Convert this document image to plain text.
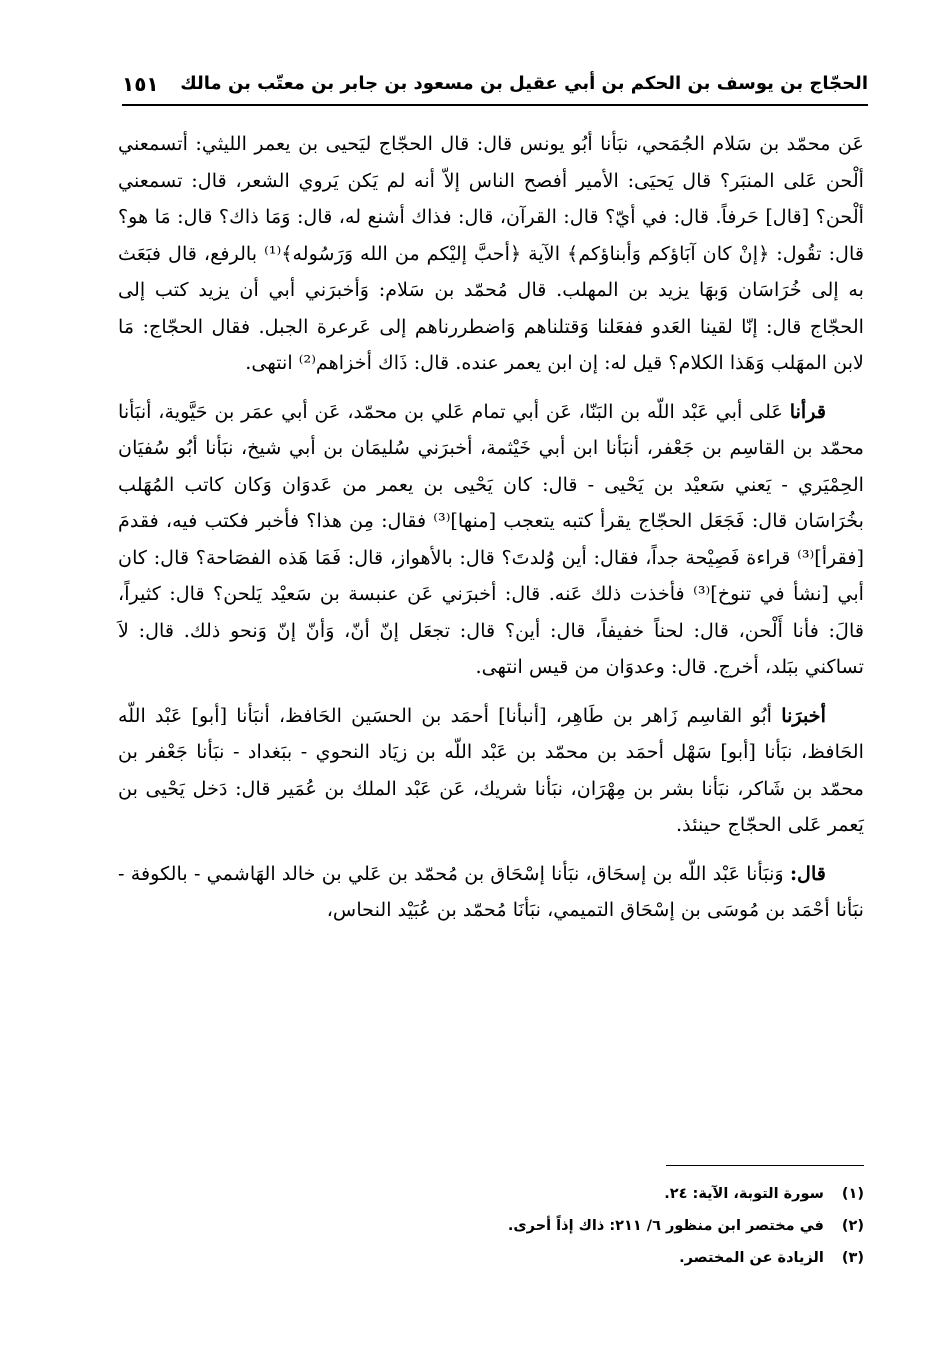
الحجّاج بن يوسف بن الحكم بن أبي عقيل بن مسعود بن جابر بن معتّب بن مالك
١٥١

عَن محمّد بن سَلام الجُمَحي، نبَأنا أبُو يونس قال: قال الحجّاج ليَحيى بن يعمر الليثي: أتسمعني ألْحن عَلى المنبَر؟ قال يَحيَى: الأمير أفصح الناس إلاّ أنه لم يَكن يَروي الشعر، قال: تسمعني ألْحن؟ [قال] حَرفاً. قال: في أيّ؟ قال: القرآن، قال: فذاك أشنع له، قال: وَمَا ذاك؟ قال: مَا هو؟ قال: تقُول: ﴿إنْ كان آبَاؤكم وَأبناؤكم﴾ الآية ﴿أحبَّ إليْكم من الله وَرَسُوله﴾⁽¹⁾ بالرفع، قال فبَعَث به إلى خُرَاسَان وَبهَا يزيد بن المهلب. قال مُحمّد بن سَلام: وَأخبرَني أبي أن يزيد كتب إلى الحجّاج قال: إنّا لقينا العَدو ففعَلنا وَقتلناهم وَاضطررناهم إلى عَرعرة الجبل. فقال الحجّاج: مَا لابن المهَلب وَهَذا الكلام؟ قيل له: إن ابن يعمر عنده. قال: ذَاك أخزاهم⁽²⁾ انتهى.

قرأنا عَلى أبي عَبْد اللّه بن البَنّا، عَن أبي تمام عَلي بن محمّد، عَن أبي عمَر بن حَيَّوية، أنبَأنا محمّد بن القاسِم بن جَعْفر، أنبَأنا ابن أبي خَيْثمة، أخبرَني سُليمَان بن أبي شيخ، نبَأنا أبُو سُفيَان الحِمْيَري - يَعني سَعيْد بن يَحْيى - قال: كان يَحْيى بن يعمر من عَدوَان وَكان كاتب المُهَلب بخُرَاسَان قال: فَجَعَل الحجّاج يقرأ كتبه يتعجب [منها]⁽³⁾ فقال: مِن هذا؟ فأخبر فكتب فيه، فقدمَ [فقرأ]⁽³⁾ قراءة فَصِيْحة جداً، فقال: أين وُلدتَ؟ قال: بالأهواز، قال: فَمَا هَذه الفصَاحة؟ قال: كان أبي [نشأ في تنوخ]⁽³⁾ فأخذت ذلك عَنه. قال: أخبرَني عَن عنبسة بن سَعيْد يَلحن؟ قال: كثيراً، قالَ: فأنا أَلْحن، قال: لحناً خفيفاً، قال: أين؟ قال: تجعَل إنّ أنّ، وَأنّ إنّ وَنحو ذلك. قال: لاَ تساكني ببَلد، أخرج. قال: وعدوَان من قيس انتهى.

أخبرَنا أبُو القاسِم زَاهر بن طَاهِر، [أنبأنا] أحمَد بن الحسَين الحَافظ، أنبَأنا [أبو] عَبْد اللّه الحَافظ، نبَأنا [أبو] سَهْل أحمَد بن محمّد بن عَبْد اللّه بن زيَاد النحوي - ببَغداد - نبَأنا جَعْفر بن محمّد بن شَاكر، نبَأنا بشر بن مِهْرَان، نبَأنا شريك، عَن عَبْد الملك بن عُمَير قال: دَخل يَحْيى بن يَعمر عَلى الحجّاج حينئذ.

قال: وَنبَأنا عَبْد اللّه بن إسحَاق، نبَأنا إسْحَاق بن مُحمّد بن عَلي بن خالد الهَاشمي - بالكوفة - نبَأنا أحْمَد بن مُوسَى بن إسْحَاق التميمي، نبَأنَا مُحمّد بن عُبَيْد النحاس،

(١)
سورة التوبة، الآية: ٢٤.
(٢)
في مختصر ابن منظور ٦/ ٢١١: ذاك إذاً أحرى.
(٣)
الزيادة عن المختصر.
